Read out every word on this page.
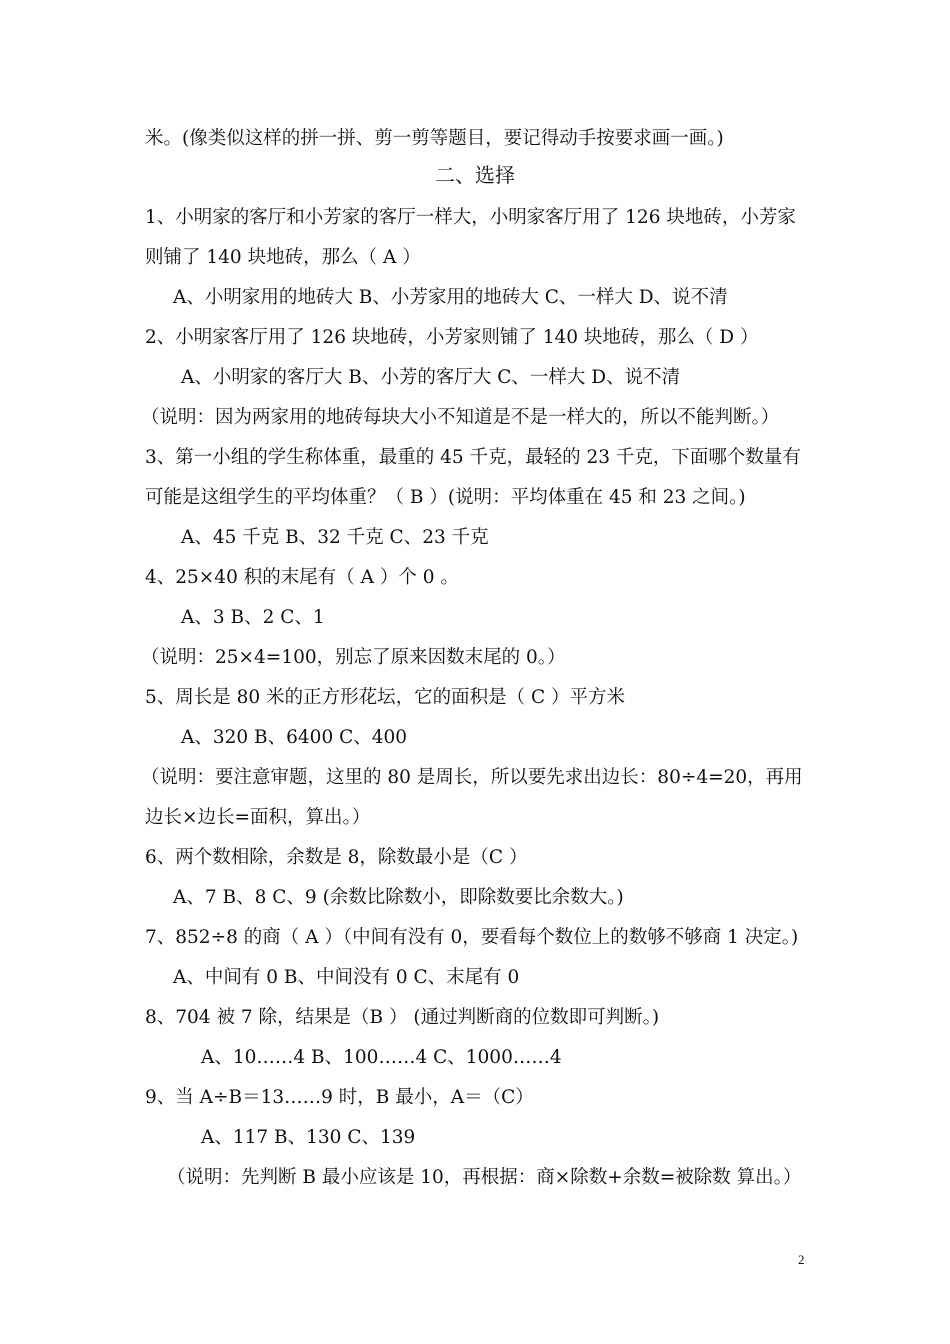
米。(像类似这样的拼一拼、剪一剪等题目，要记得动手按要求画一画。)
二、选择
1、小明家的客厅和小芳家的客厅一样大，小明家客厅用了 126 块地砖，小芳家
则铺了 140 块地砖，那么（ A ）
A、小明家用的地砖大 B、小芳家用的地砖大 C、一样大 D、说不清
2、小明家客厅用了 126 块地砖，小芳家则铺了 140 块地砖，那么（ D ）
A、小明家的客厅大 B、小芳的客厅大 C、一样大 D、说不清
（说明：因为两家用的地砖每块大小不知道是不是一样大的，所以不能判断。）
3、第一小组的学生称体重，最重的 45 千克，最轻的 23 千克，下面哪个数量有
可能是这组学生的平均体重？（ B ）(说明：平均体重在 45 和 23 之间。)
A、45 千克 B、32 千克 C、23 千克
4、25×40 积的末尾有（ A ）个 0 。
A、3 B、2 C、1
（说明：25×4=100，别忘了原来因数末尾的 0。）
5、周长是 80 米的正方形花坛，它的面积是（ C ）平方米
A、320 B、6400 C、400
（说明：要注意审题，这里的 80 是周长，所以要先求出边长：80÷4=20，再用
边长×边长=面积，算出。）
6、两个数相除，余数是 8，除数最小是（C ）
A、7 B、8 C、9 (余数比除数小，即除数要比余数大。)
7、852÷8 的商（ A ）（中间有没有 0，要看每个数位上的数够不够商 1 决定。)
A、中间有 0 B、中间没有 0 C、末尾有 0
8、704 被 7 除，结果是（B ） (通过判断商的位数即可判断。)
A、10……4 B、100……4 C、1000……4
9、当 A÷B＝13……9 时，B 最小，A＝（C）
A、117 B、130 C、139
（说明：先判断 B 最小应该是 10，再根据：商×除数+余数=被除数 算出。）
2
